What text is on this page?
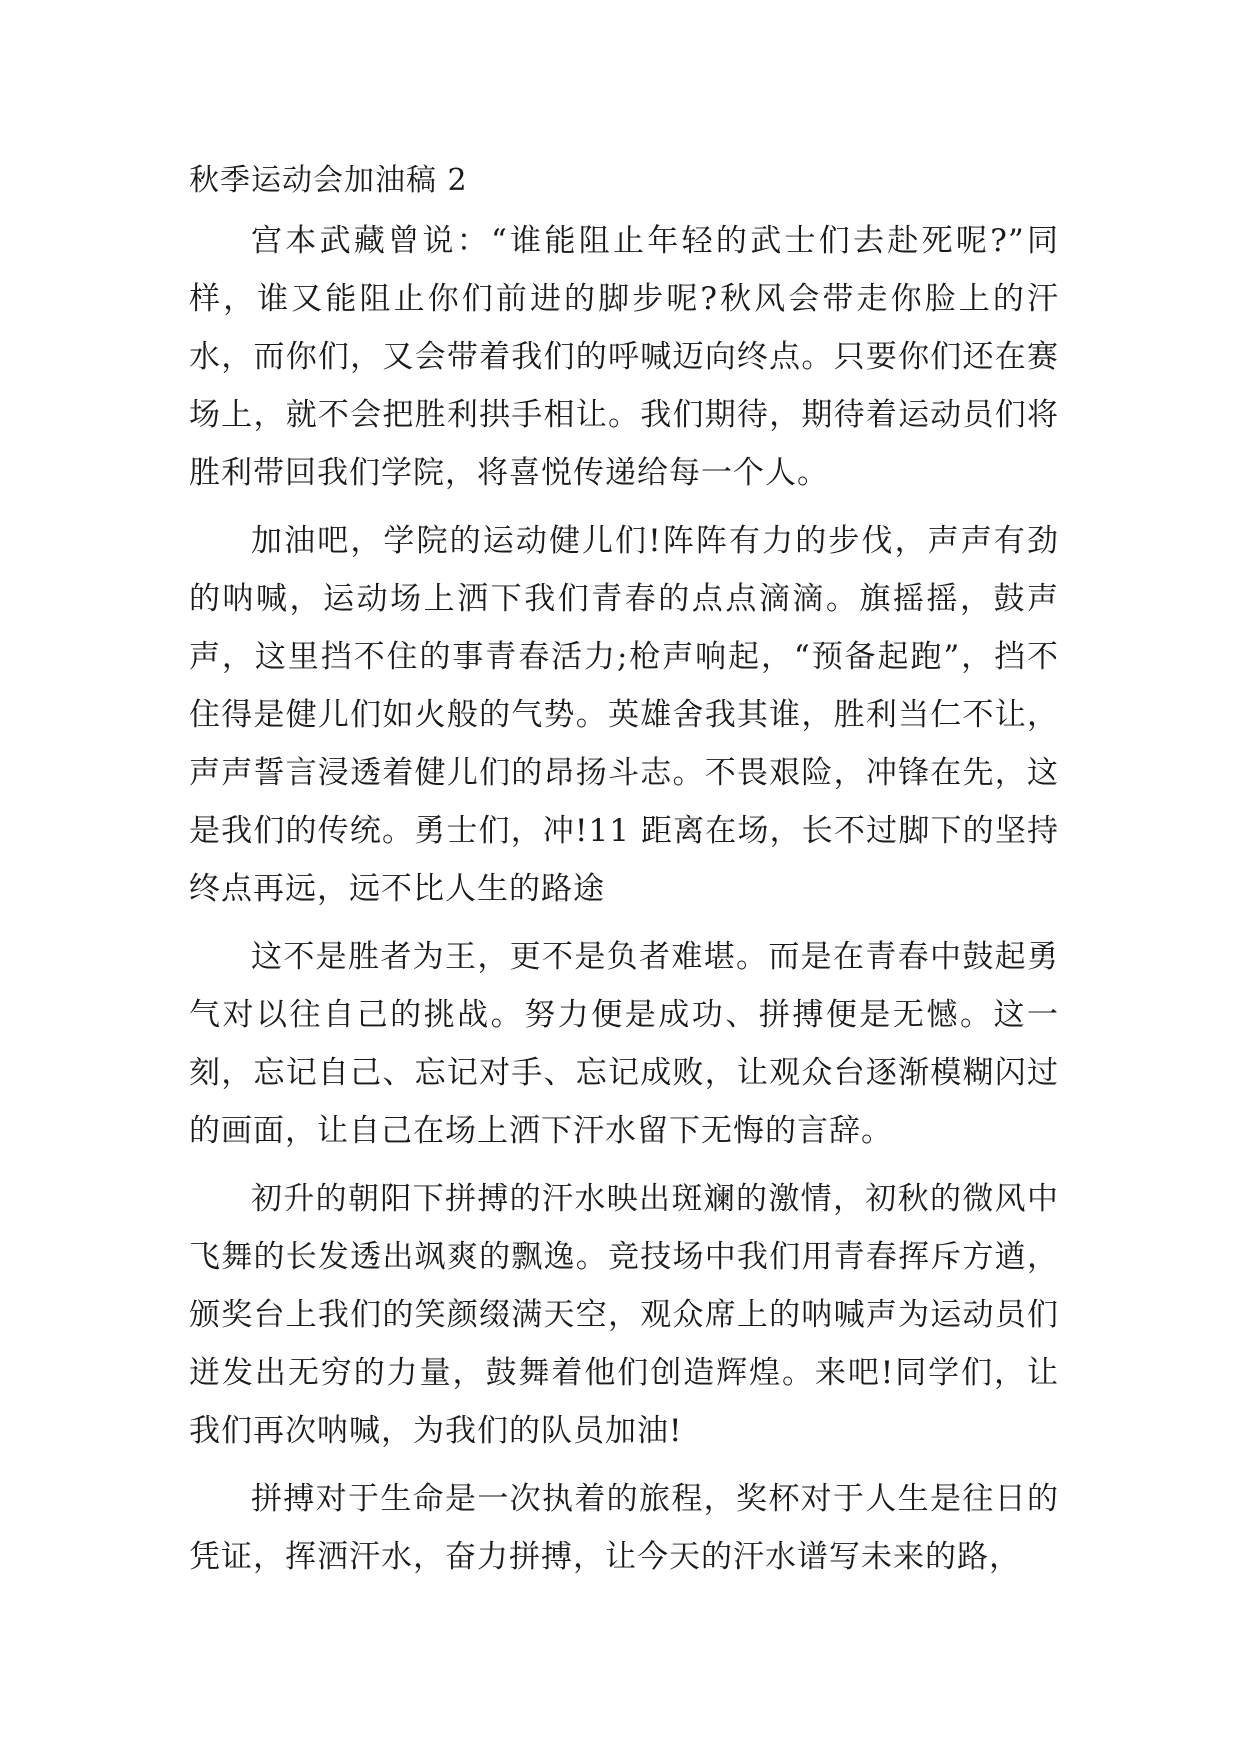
秋季运动会加油稿 2

宫本武藏曾说：“谁能阻止年轻的武士们去赴死呢?”同样，谁又能阻止你们前进的脚步呢?秋风会带走你脸上的汗水，而你们，又会带着我们的呼喊迈向终点。只要你们还在赛场上，就不会把胜利拱手相让。我们期待，期待着运动员们将胜利带回我们学院，将喜悦传递给每一个人。

加油吧，学院的运动健儿们!阵阵有力的步伐，声声有劲的呐喊，运动场上洒下我们青春的点点滴滴。旗摇摇，鼓声声，这里挡不住的事青春活力;枪声响起，“预备起跑”，挡不住得是健儿们如火般的气势。英雄舍我其谁，胜利当仁不让，声声誓言浸透着健儿们的昂扬斗志。不畏艰险，冲锋在先，这是我们的传统。勇士们，冲!11 距离在场，长不过脚下的坚持　终点再远，远不比人生的路途

这不是胜者为王，更不是负者难堪。而是在青春中鼓起勇气对以往自己的挑战。努力便是成功、拼搏便是无憾。这一刻，忘记自己、忘记对手、忘记成败，让观众台逐渐模糊闪过的画面，让自己在场上洒下汗水留下无悔的言辞。

初升的朝阳下拼搏的汗水映出斑斓的激情，初秋的微风中飞舞的长发透出飒爽的飘逸。竞技场中我们用青春挥斥方遒，颁奖台上我们的笑颜缀满天空，观众席上的呐喊声为运动员们迸发出无穷的力量，鼓舞着他们创造辉煌。来吧!同学们，让我们再次呐喊，为我们的队员加油!

拼搏对于生命是一次执着的旅程，奖杯对于人生是往日的凭证，挥洒汗水，奋力拼搏，让今天的汗水谱写未来的路，
